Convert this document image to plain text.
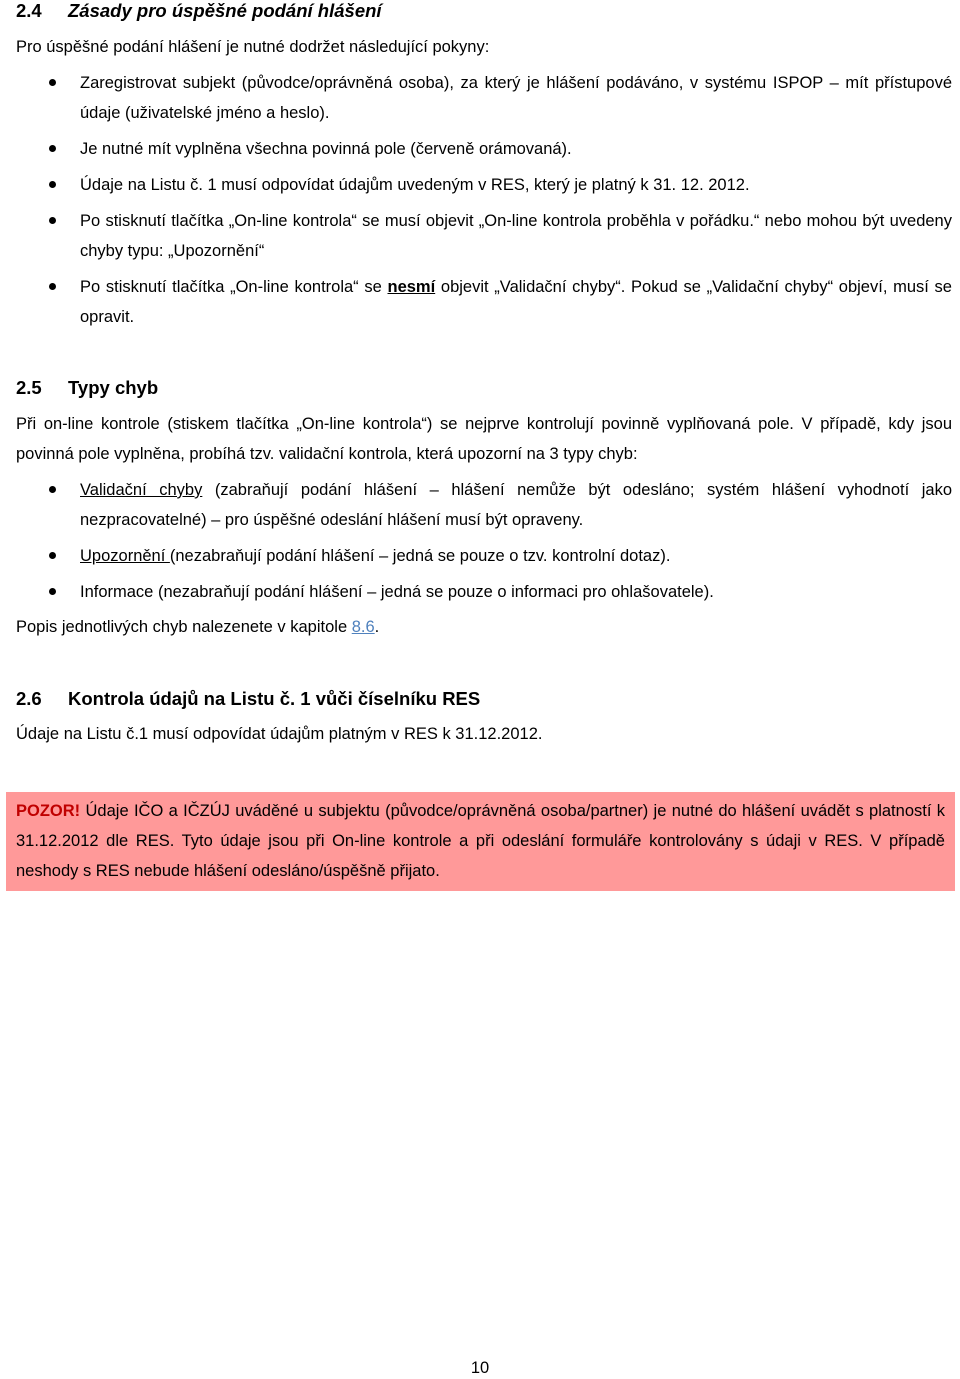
2.4 Zásady pro úspěšné podání hlášení
Pro úspěšné podání hlášení je nutné dodržet následující pokyny:
Zaregistrovat subjekt (původce/oprávněná osoba), za který je hlášení podáváno, v systému ISPOP – mít přístupové údaje (uživatelské jméno a heslo).
Je nutné mít vyplněna všechna povinná pole (červeně orámovaná).
Údaje na Listu č. 1 musí odpovídat údajům uvedeným v RES, který je platný k 31. 12. 2012.
Po stisknutí tlačítka „On-line kontrola“ se musí objevit „On-line kontrola proběhla v pořádku.“ nebo mohou být uvedeny chyby typu: „Upozornění“
Po stisknutí tlačítka „On-line kontrola“ se nesmí objevit „Validační chyby“. Pokud se „Validační chyby“ objeví, musí se opravit.
2.5 Typy chyb
Při on-line kontrole (stiskem tlačítka „On-line kontrola“) se nejprve kontrolují povinně vyplňovaná pole. V případě, kdy jsou povinná pole vyplněna, probíhá tzv. validační kontrola, která upozorní na 3 typy chyb:
Validační chyby (zabraňují podání hlášení – hlášení nemůže být odesláno; systém hlášení vyhodnotí jako nezpracovatelné) – pro úspěšné odeslání hlášení musí být opraveny.
Upozornění (nezabraňují podání hlášení – jedná se pouze o tzv. kontrolní dotaz).
Informace (nezabraňují podání hlášení – jedná se pouze o informaci pro ohlašovatele).
Popis jednotlivých chyb nalezenete v kapitole 8.6.
2.6 Kontrola údajů na Listu č. 1 vůči číselníku RES
Údaje na Listu č.1 musí odpovídat údajům platným v RES k 31.12.2012.
POZOR! Údaje IČO a IČZÚJ uváděné u subjektu (původce/oprávněná osoba/partner) je nutné do hlášení uvádět s platností k 31.12.2012 dle RES. Tyto údaje jsou při On-line kontrole a při odeslání formuláře kontrolovány s údaji v RES. V případě neshody s RES nebude hlášení odesláno/úspěšně přijato.
10
